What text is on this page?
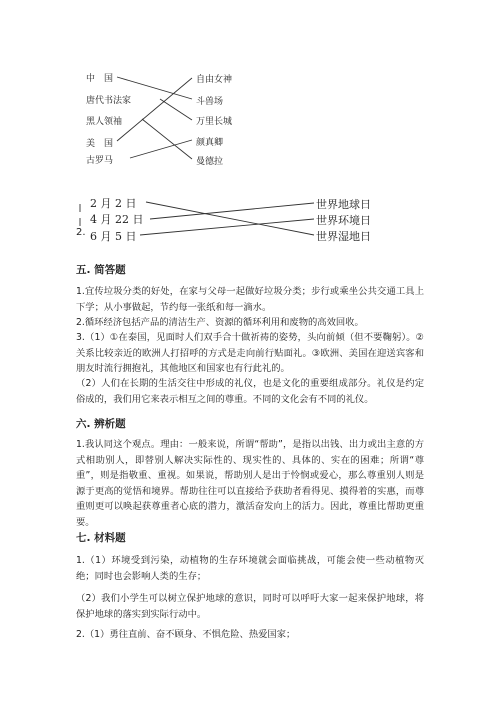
中　国
唐代书法家
黑人领袖
美　国
古罗马
自由女神
斗兽场
万里长城
颜真卿
曼德拉
2.
2 月 2 日
4 月 22 日
6 月 5 日
世界地球日
世界环境日
世界湿地日
五. 简答题
1.宜传垃圾分类的好处，在家与父母一起做好垃圾分类；步行或乘坐公共交通工具上下学；从小事做起，节约每一张纸和每一滴水。
2.循环经济包括产品的清洁生产、资源的循环利用和废物的高效回收。
3.（1）①在泰国，见面时人们双手合十做祈祷的姿势，头向前倾（但不要鞠躬）。②关系比较亲近的欧洲人打招呼的方式是走向前行贴面礼。③欧洲、美国在迎送宾客和朋友时流行拥抱礼，其他地区和国家也有行此礼的。
（2）人们在长期的生活交往中形成的礼仪，也是文化的重要组成部分。礼仪是约定俗成的，我们用它来表示相互之间的尊重。不同的文化会有不同的礼仪。
六. 辨析题
1.我认同这个观点。理由：一般来说，所谓“帮助”，是指以出钱、出力或出主意的方式相助别人，即替别人解决实际性的、现实性的、具体的、实在的困难；所谓“尊重”，则是指敬重、重视。如果说，帮助别人是出于怜悯或爱心，那么尊重别人则是源于更高的觉悟和境界。帮助往往可以直接给予获助者看得见、摸得着的实惠，而尊重则更可以唤起获尊重者心底的潜力，激活奋发向上的活力。因此，尊重比帮助更重要。
七. 材料题
1.（1）环境受到污染，动植物的生存环境就会面临挑战，可能会使一些动植物灭绝；同时也会影响人类的生存；
（2）我们小学生可以树立保护地球的意识，同时可以呼吁大家一起来保护地球，将保护地球的落实到实际行动中。
2.（1）勇往直前、奋不顾身、不惧危险、热爱国家；
